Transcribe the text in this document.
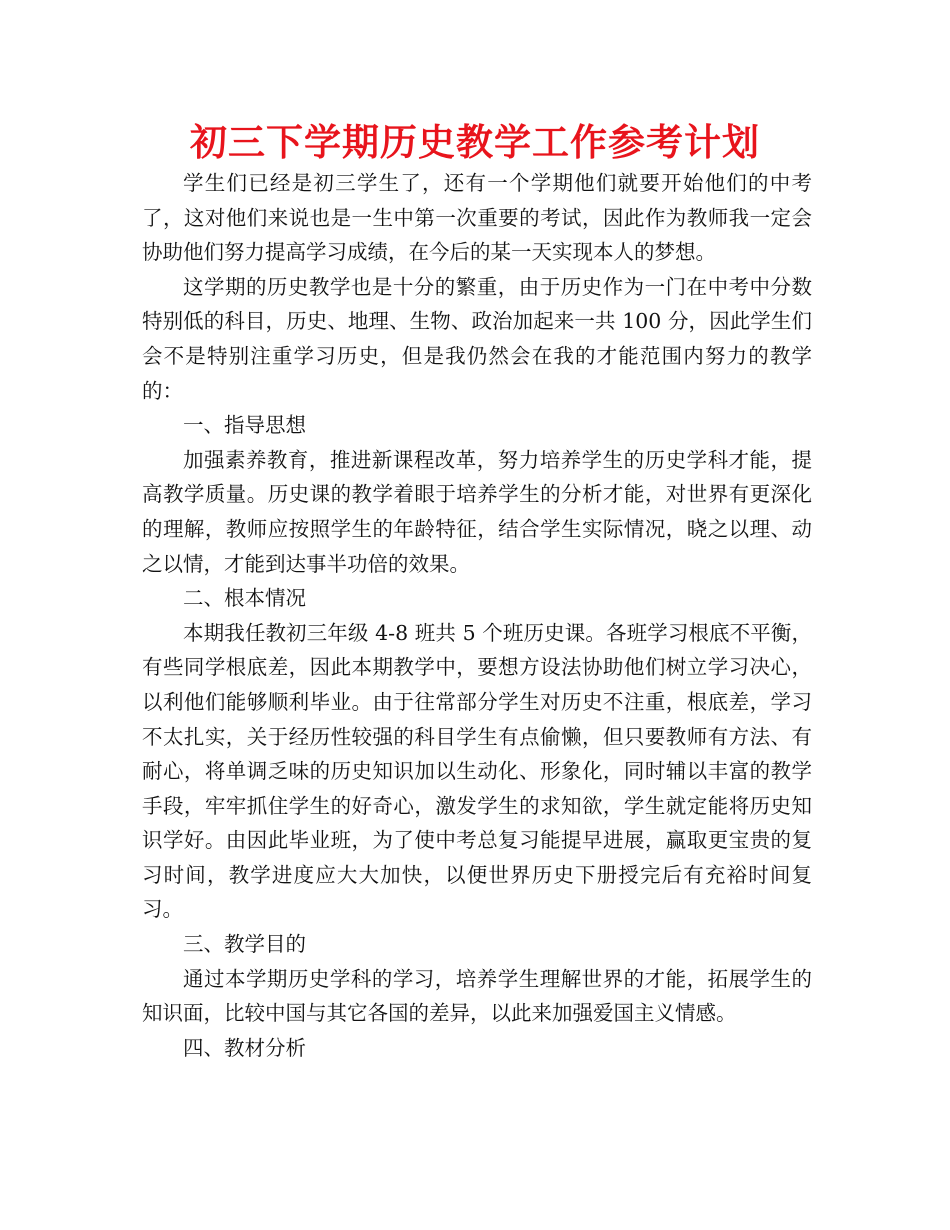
初三下学期历史教学工作参考计划

学生们已经是初三学生了，还有一个学期他们就要开始他们的中考了，这对他们来说也是一生中第一次重要的考试，因此作为教师我一定会协助他们努力提高学习成绩，在今后的某一天实现本人的梦想。

这学期的历史教学也是十分的繁重，由于历史作为一门在中考中分数特别低的科目，历史、地理、生物、政治加起来一共 100 分，因此学生们会不是特别注重学习历史，但是我仍然会在我的才能范围内努力的教学的：

一、指导思想

加强素养教育，推进新课程改革，努力培养学生的历史学科才能，提高教学质量。历史课的教学着眼于培养学生的分析才能，对世界有更深化的理解，教师应按照学生的年龄特征，结合学生实际情况，晓之以理、动之以情，才能到达事半功倍的效果。

二、根本情况

本期我任教初三年级 4-8 班共 5 个班历史课。各班学习根底不平衡，有些同学根底差，因此本期教学中，要想方设法协助他们树立学习决心，以利他们能够顺利毕业。由于往常部分学生对历史不注重，根底差，学习不太扎实，关于经历性较强的科目学生有点偷懒，但只要教师有方法、有耐心，将单调乏味的历史知识加以生动化、形象化，同时辅以丰富的教学手段，牢牢抓住学生的好奇心，激发学生的求知欲，学生就定能将历史知识学好。由因此毕业班，为了使中考总复习能提早进展，赢取更宝贵的复习时间，教学进度应大大加快，以便世界历史下册授完后有充裕时间复习。

三、教学目的

通过本学期历史学科的学习，培养学生理解世界的才能，拓展学生的知识面，比较中国与其它各国的差异，以此来加强爱国主义情感。

四、教材分析
